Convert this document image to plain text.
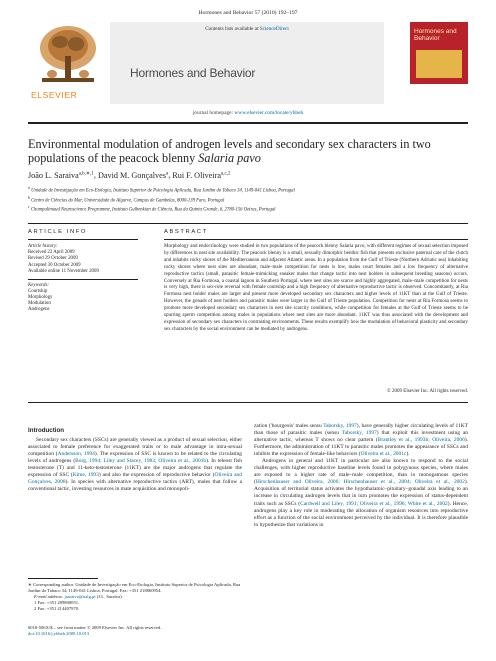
Hormones and Behavior 57 (2010) 192–197
ELSEVIER
Contents lists available at ScienceDirect
Hormones and Behavior
journal homepage: www.elsevier.com/locate/yhbeh
Hormones and Behavior
Environmental modulation of androgen levels and secondary sex characters in two populations of the peacock blenny Salaria pavo
João L. Saraiva$^{a,b,∗,1}$, David M. Gonçalves$^a$, Rui F. Oliveira$^{a,c,2}$
$^a$ Unidade de Investigação em Eco-Etologia, Instituto Superior de Psicologia Aplicada, Rua Jardim do Tabaco 34, 1149-041 Lisboa, Portugal
$^b$ Centro de Ciências do Mar, Universidade do Algarve, Campus de Gambelas, 8000-139 Faro, Portugal
$^c$ Champalimaud Neuroscience Programme, Instituto Gulbenkian de Ciência, Rua da Quinta Grande, 6, 2780-156 Oeiras, Portugal
ARTICLE INFO	ABSTRACT
Article history:
Received 22 April 2009
Revised 29 October 2009
Accepted 30 October 2009
Available online 11 November 2009
Keywords:
Courtship
Morphology
Modulation
Androgens
Morphology and endocrinology were studied in two populations of the peacock blenny Salaria pavo, with different regimes of sexual selection imposed by differences in nest site availability. The peacock blenny is a small, sexually dimorphic benthic fish that presents exclusive paternal care of the clutch and inhabits rocky shores of the Mediterranean and adjacent Atlantic areas. In a population from the Gulf of Trieste (Northern Adriatic sea) inhabiting rocky shores where nest sites are abundant, male–male competition for nests is low, males court females and a low frequency of alternative reproductive tactics (small, parasitic female-mimicking sneaker males that change tactic into nest holders in subsequent breeding seasons) occurs. Conversely at Ria Formosa, a coastal lagoon in Southern Portugal, where nest sites are scarce and highly aggregated, male–male competition for nests is very high, there is sex-role reversal with female courtship and a high frequency of alternative reproductive tactic is observed. Concomitantly, at Ria Formosa nest holder males are larger and present more developed secondary sex characters and higher levels of 11KT than at the Gulf of Trieste. However, the gonads of nest holders and parasitic males were larger in the Gulf of Trieste population. Competition for nests at Ria Formosa seems to promote more developed secondary sex characters in nest site scarcity conditions, while competition for females at the Gulf of Trieste seems to be spurring sperm competition among males in populations where nest sites are more abundant. 11KT was thus associated with the development and expression of secondary sex characters in contrasting environments. These results exemplify how the modulation of behavioral plasticity and secondary sex characters by the social environment can be mediated by androgens.
© 2009 Elsevier Inc. All rights reserved.
Introduction

Secondary sex characters (SSCs) are generally viewed as a product of sexual selection, either associated to female preference for exaggerated traits or to male advantage in intra-sexual competition (Andersson, 1994). The expression of SSC is known to be related to the circulating levels of androgens (Borg, 1994; Liley and Stacey, 1983; Oliveira et al., 2001b). In teleost fish testosterone (T) and 11-keto-testosterone (11KT) are the major androgens that regulate the expression of SSC (Kime, 1993) and also the expression of reproductive behavior (Oliveira and Gonçalves, 2008). In species with alternative reproductive tactics (ART), males that follow a conventional tactic, investing resources in mate acquisition and monopoli-

∗ Corresponding author. Unidade de Investigação em Eco-Etologia, Instituto Superior de Psicologia Aplicada, Rua Jardim do Tabaco 34, 1149-041 Lisboa, Portugal. Fax: +351 218860954.
E-mail address: jsaraiva@ualg.pt (J.L. Saraiva).
1 Fax: +351 289800051.
2 Fax: +351 214407970.
0018-506X/$ – see front matter © 2009 Elsevier Inc. All rights reserved.
doi:10.1016/j.yhbeh.2009.10.013

zation ('bourgeois' males sensu Taborsky, 1997), have generally higher circulating levels of 11KT than those of parasitic males (sensu Taborsky, 1997) that exploit this investment using an alternative tactic, whereas T shows no clear pattern (Brantley et al., 1993b; Oliveira, 2006). Furthermore, the administration of 11KT to parasitic males promotes the appearance of SSCs and inhibits the expression of female-like behaviors (Oliveira et al., 2001c).

Androgens in general and 11KT in particular are also known to respond to the social challenges, with higher reproductive baseline levels found in polygynous species, where males are exposed to a higher rate of male–male competition, than in monogamous species (Hirschenhauser and Oliveira, 2006; Hirschenhauser et al., 2004; Oliveira et al., 2002). Acquisition of territorial status activates the hypothalamic–pituitary–gonadal axis leading to an increase in circulating androgen levels that in turn promotes the expression of status-dependent traits such as SSCs (Cardwell and Liley, 1991; Oliveira et al., 1996; White et al., 2002). Hence, androgens play a key role in moderating the allocation of organism resources into reproductive effort as a function of the social environment perceived by the individual. It is therefore plausible to hypothesize that variations in
